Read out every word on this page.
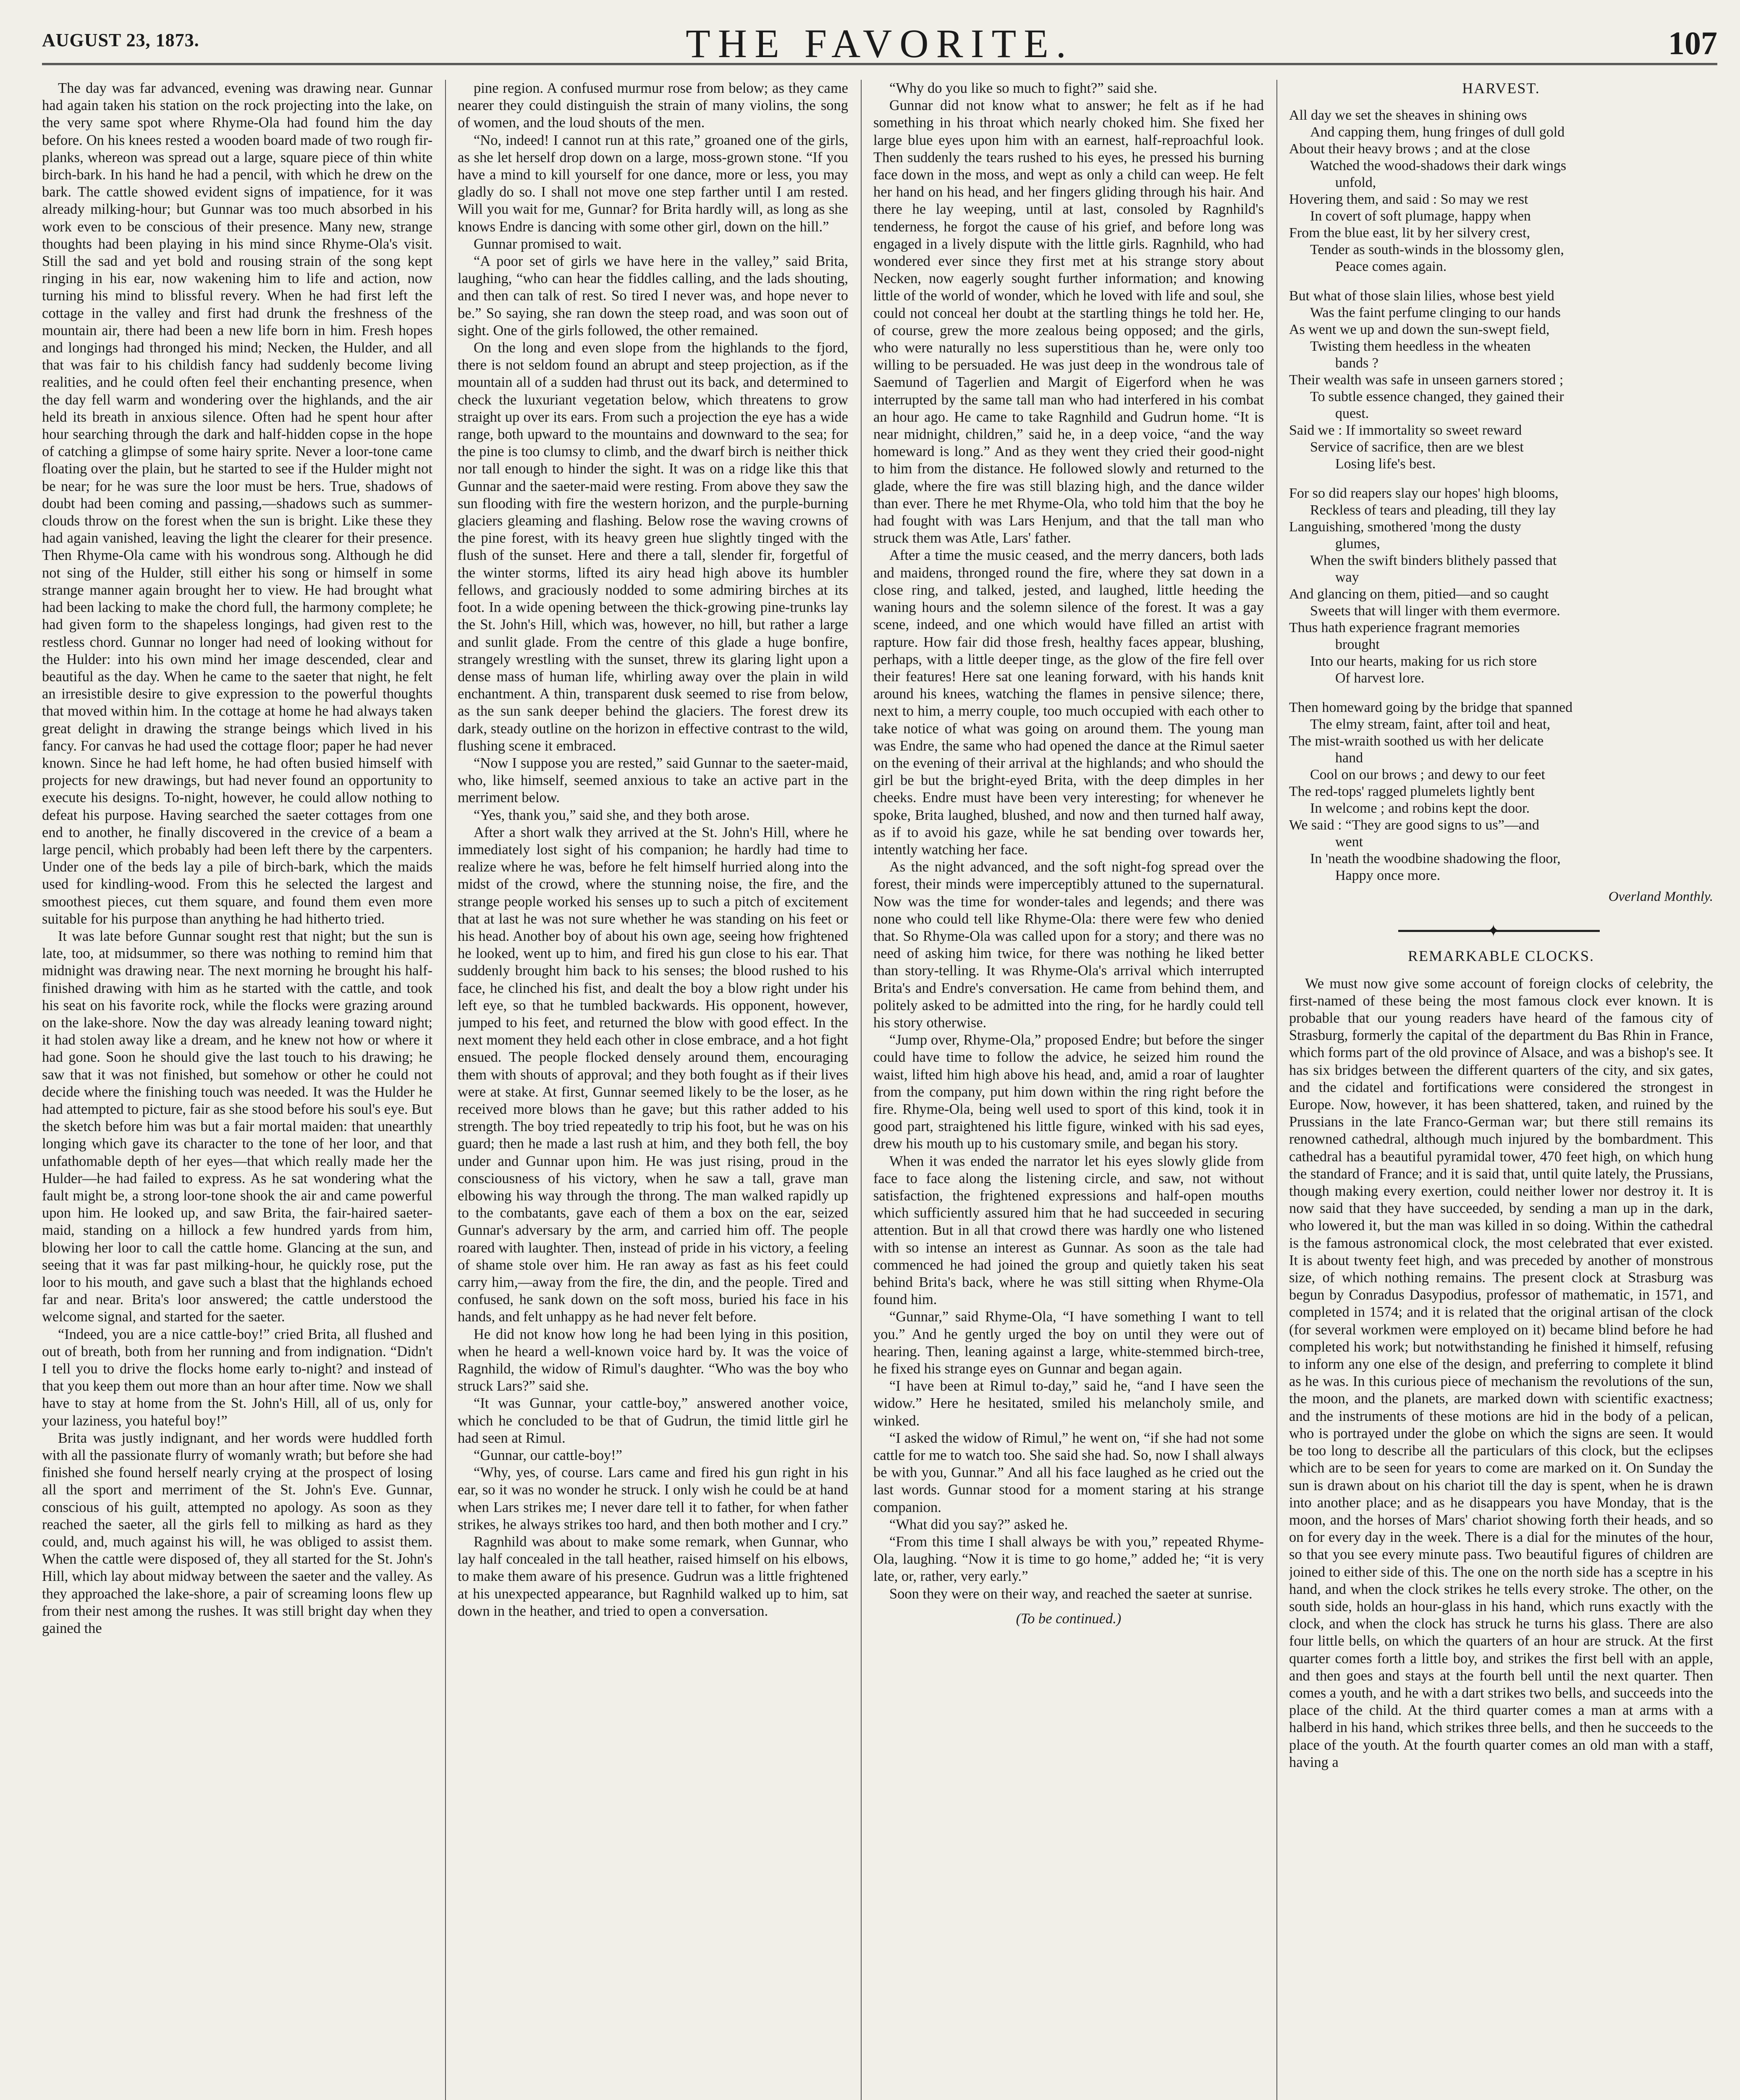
AUGUST 23, 1873.	THE FAVORITE.	107

The day was far advanced, evening was drawing near. Gunnar had again taken his station on the rock projecting into the lake, on the very same spot where Rhyme-Ola had found him the day before. On his knees rested a wooden board made of two rough fir-planks, whereon was spread out a large, square piece of thin white birch-bark. In his hand he had a pencil, with which he drew on the bark. The cattle showed evident signs of impatience, for it was already milking-hour; but Gunnar was too much absorbed in his work even to be conscious of their presence. Many new, strange thoughts had been playing in his mind since Rhyme-Ola's visit. Still the sad and yet bold and rousing strain of the song kept ringing in his ear, now wakening him to life and action, now turning his mind to blissful revery. When he had first left the cottage in the valley and first had drunk the freshness of the mountain air, there had been a new life born in him. Fresh hopes and longings had thronged his mind; Necken, the Hulder, and all that was fair to his childish fancy had suddenly become living realities, and he could often feel their enchanting presence, when the day fell warm and wondering over the highlands, and the air held its breath in anxious silence. Often had he spent hour after hour searching through the dark and half-hidden copse in the hope of catching a glimpse of some hairy sprite. Never a loor-tone came floating over the plain, but he started to see if the Hulder might not be near; for he was sure the loor must be hers. True, shadows of doubt had been coming and passing,—shadows such as summer-clouds throw on the forest when the sun is bright. Like these they had again vanished, leaving the light the clearer for their presence. Then Rhyme-Ola came with his wondrous song. Although he did not sing of the Hulder, still either his song or himself in some strange manner again brought her to view. He had brought what had been lacking to make the chord full, the harmony complete; he had given form to the shapeless longings, had given rest to the restless chord. Gunnar no longer had need of looking without for the Hulder: into his own mind her image descended, clear and beautiful as the day. When he came to the saeter that night, he felt an irresistible desire to give expression to the powerful thoughts that moved within him. In the cottage at home he had always taken great delight in drawing the strange beings which lived in his fancy. For canvas he had used the cottage floor; paper he had never known. Since he had left home, he had often busied himself with projects for new drawings, but had never found an opportunity to execute his designs. To-night, however, he could allow nothing to defeat his purpose. Having searched the saeter cottages from one end to another, he finally discovered in the crevice of a beam a large pencil, which probably had been left there by the carpenters. Under one of the beds lay a pile of birch-bark, which the maids used for kindling-wood. From this he selected the largest and smoothest pieces, cut them square, and found them even more suitable for his purpose than anything he had hitherto tried.

It was late before Gunnar sought rest that night; but the sun is late, too, at midsummer, so there was nothing to remind him that midnight was drawing near. The next morning he brought his half-finished drawing with him as he started with the cattle, and took his seat on his favorite rock, while the flocks were grazing around on the lake-shore. Now the day was already leaning toward night; it had stolen away like a dream, and he knew not how or where it had gone. Soon he should give the last touch to his drawing; he saw that it was not finished, but somehow or other he could not decide where the finishing touch was needed. It was the Hulder he had attempted to picture, fair as she stood before his soul's eye. But the sketch before him was but a fair mortal maiden: that unearthly longing which gave its character to the tone of her loor, and that unfathomable depth of her eyes—that which really made her the Hulder—he had failed to express. As he sat wondering what the fault might be, a strong loor-tone shook the air and came powerful upon him. He looked up, and saw Brita, the fair-haired saeter-maid, standing on a hillock a few hundred yards from him, blowing her loor to call the cattle home. Glancing at the sun, and seeing that it was far past milking-hour, he quickly rose, put the loor to his mouth, and gave such a blast that the highlands echoed far and near. Brita's loor answered; the cattle understood the welcome signal, and started for the saeter.

“Indeed, you are a nice cattle-boy!” cried Brita, all flushed and out of breath, both from her running and from indignation. “Didn't I tell you to drive the flocks home early to-night? and instead of that you keep them out more than an hour after time. Now we shall have to stay at home from the St. John's Hill, all of us, only for your laziness, you hateful boy!”

Brita was justly indignant, and her words were huddled forth with all the passionate flurry of womanly wrath; but before she had finished she found herself nearly crying at the prospect of losing all the sport and merriment of the St. John's Eve. Gunnar, conscious of his guilt, attempted no apology. As soon as they reached the saeter, all the girls fell to milking as hard as they could, and, much against his will, he was obliged to assist them. When the cattle were disposed of, they all started for the St. John's Hill, which lay about midway between the saeter and the valley. As they approached the lake-shore, a pair of screaming loons flew up from their nest among the rushes. It was still bright day when they gained the

pine region. A confused murmur rose from below; as they came nearer they could distinguish the strain of many violins, the song of women, and the loud shouts of the men.

“No, indeed! I cannot run at this rate,” groaned one of the girls, as she let herself drop down on a large, moss-grown stone. “If you have a mind to kill yourself for one dance, more or less, you may gladly do so. I shall not move one step farther until I am rested. Will you wait for me, Gunnar? for Brita hardly will, as long as she knows Endre is dancing with some other girl, down on the hill.”

Gunnar promised to wait.

“A poor set of girls we have here in the valley,” said Brita, laughing, “who can hear the fiddles calling, and the lads shouting, and then can talk of rest. So tired I never was, and hope never to be.” So saying, she ran down the steep road, and was soon out of sight. One of the girls followed, the other remained.

On the long and even slope from the highlands to the fjord, there is not seldom found an abrupt and steep projection, as if the mountain all of a sudden had thrust out its back, and determined to check the luxuriant vegetation below, which threatens to grow straight up over its ears. From such a projection the eye has a wide range, both upward to the mountains and downward to the sea; for the pine is too clumsy to climb, and the dwarf birch is neither thick nor tall enough to hinder the sight. It was on a ridge like this that Gunnar and the saeter-maid were resting. From above they saw the sun flooding with fire the western horizon, and the purple-burning glaciers gleaming and flashing. Below rose the waving crowns of the pine forest, with its heavy green hue slightly tinged with the flush of the sunset. Here and there a tall, slender fir, forgetful of the winter storms, lifted its airy head high above its humbler fellows, and graciously nodded to some admiring birches at its foot. In a wide opening between the thick-growing pine-trunks lay the St. John's Hill, which was, however, no hill, but rather a large and sunlit glade. From the centre of this glade a huge bonfire, strangely wrestling with the sunset, threw its glaring light upon a dense mass of human life, whirling away over the plain in wild enchantment. A thin, transparent dusk seemed to rise from below, as the sun sank deeper behind the glaciers. The forest drew its dark, steady outline on the horizon in effective contrast to the wild, flushing scene it embraced.

“Now I suppose you are rested,” said Gunnar to the saeter-maid, who, like himself, seemed anxious to take an active part in the merriment below.

“Yes, thank you,” said she, and they both arose.

After a short walk they arrived at the St. John's Hill, where he immediately lost sight of his companion; he hardly had time to realize where he was, before he felt himself hurried along into the midst of the crowd, where the stunning noise, the fire, and the strange people worked his senses up to such a pitch of excitement that at last he was not sure whether he was standing on his feet or his head. Another boy of about his own age, seeing how frightened he looked, went up to him, and fired his gun close to his ear. That suddenly brought him back to his senses; the blood rushed to his face, he clinched his fist, and dealt the boy a blow right under his left eye, so that he tumbled backwards. His opponent, however, jumped to his feet, and returned the blow with good effect. In the next moment they held each other in close embrace, and a hot fight ensued. The people flocked densely around them, encouraging them with shouts of approval; and they both fought as if their lives were at stake. At first, Gunnar seemed likely to be the loser, as he received more blows than he gave; but this rather added to his strength. The boy tried repeatedly to trip his foot, but he was on his guard; then he made a last rush at him, and they both fell, the boy under and Gunnar upon him. He was just rising, proud in the consciousness of his victory, when he saw a tall, grave man elbowing his way through the throng. The man walked rapidly up to the combatants, gave each of them a box on the ear, seized Gunnar's adversary by the arm, and carried him off. The people roared with laughter. Then, instead of pride in his victory, a feeling of shame stole over him. He ran away as fast as his feet could carry him,—away from the fire, the din, and the people. Tired and confused, he sank down on the soft moss, buried his face in his hands, and felt unhappy as he had never felt before.

He did not know how long he had been lying in this position, when he heard a well-known voice hard by. It was the voice of Ragnhild, the widow of Rimul's daughter. “Who was the boy who struck Lars?” said she.

“It was Gunnar, your cattle-boy,” answered another voice, which he concluded to be that of Gudrun, the timid little girl he had seen at Rimul.

“Gunnar, our cattle-boy!”

“Why, yes, of course. Lars came and fired his gun right in his ear, so it was no wonder he struck. I only wish he could be at hand when Lars strikes me; I never dare tell it to father, for when father strikes, he always strikes too hard, and then both mother and I cry.”

Ragnhild was about to make some remark, when Gunnar, who lay half concealed in the tall heather, raised himself on his elbows, to make them aware of his presence. Gudrun was a little frightened at his unexpected appearance, but Ragnhild walked up to him, sat down in the heather, and tried to open a conversation.

“Why do you like so much to fight?” said she.

Gunnar did not know what to answer; he felt as if he had something in his throat which nearly choked him. She fixed her large blue eyes upon him with an earnest, half-reproachful look. Then suddenly the tears rushed to his eyes, he pressed his burning face down in the moss, and wept as only a child can weep. He felt her hand on his head, and her fingers gliding through his hair. And there he lay weeping, until at last, consoled by Ragnhild's tenderness, he forgot the cause of his grief, and before long was engaged in a lively dispute with the little girls. Ragnhild, who had wondered ever since they first met at his strange story about Necken, now eagerly sought further information; and knowing little of the world of wonder, which he loved with life and soul, she could not conceal her doubt at the startling things he told her. He, of course, grew the more zealous being opposed; and the girls, who were naturally no less superstitious than he, were only too willing to be persuaded. He was just deep in the wondrous tale of Saemund of Tagerlien and Margit of Eigerford when he was interrupted by the same tall man who had interfered in his combat an hour ago. He came to take Ragnhild and Gudrun home. “It is near midnight, children,” said he, in a deep voice, “and the way homeward is long.” And as they went they cried their good-night to him from the distance. He followed slowly and returned to the glade, where the fire was still blazing high, and the dance wilder than ever. There he met Rhyme-Ola, who told him that the boy he had fought with was Lars Henjum, and that the tall man who struck them was Atle, Lars' father.

After a time the music ceased, and the merry dancers, both lads and maidens, thronged round the fire, where they sat down in a close ring, and talked, jested, and laughed, little heeding the waning hours and the solemn silence of the forest. It was a gay scene, indeed, and one which would have filled an artist with rapture. How fair did those fresh, healthy faces appear, blushing, perhaps, with a little deeper tinge, as the glow of the fire fell over their features! Here sat one leaning forward, with his hands knit around his knees, watching the flames in pensive silence; there, next to him, a merry couple, too much occupied with each other to take notice of what was going on around them. The young man was Endre, the same who had opened the dance at the Rimul saeter on the evening of their arrival at the highlands; and who should the girl be but the bright-eyed Brita, with the deep dimples in her cheeks. Endre must have been very interesting; for whenever he spoke, Brita laughed, blushed, and now and then turned half away, as if to avoid his gaze, while he sat bending over towards her, intently watching her face.

As the night advanced, and the soft night-fog spread over the forest, their minds were imperceptibly attuned to the supernatural. Now was the time for wonder-tales and legends; and there was none who could tell like Rhyme-Ola: there were few who denied that. So Rhyme-Ola was called upon for a story; and there was no need of asking him twice, for there was nothing he liked better than story-telling. It was Rhyme-Ola's arrival which interrupted Brita's and Endre's conversation. He came from behind them, and politely asked to be admitted into the ring, for he hardly could tell his story otherwise.

“Jump over, Rhyme-Ola,” proposed Endre; but before the singer could have time to follow the advice, he seized him round the waist, lifted him high above his head, and, amid a roar of laughter from the company, put him down within the ring right before the fire. Rhyme-Ola, being well used to sport of this kind, took it in good part, straightened his little figure, winked with his sad eyes, drew his mouth up to his customary smile, and began his story.

When it was ended the narrator let his eyes slowly glide from face to face along the listening circle, and saw, not without satisfaction, the frightened expressions and half-open mouths which sufficiently assured him that he had succeeded in securing attention. But in all that crowd there was hardly one who listened with so intense an interest as Gunnar. As soon as the tale had commenced he had joined the group and quietly taken his seat behind Brita's back, where he was still sitting when Rhyme-Ola found him.

“Gunnar,” said Rhyme-Ola, “I have something I want to tell you.” And he gently urged the boy on until they were out of hearing. Then, leaning against a large, white-stemmed birch-tree, he fixed his strange eyes on Gunnar and began again.

“I have been at Rimul to-day,” said he, “and I have seen the widow.” Here he hesitated, smiled his melancholy smile, and winked.

“I asked the widow of Rimul,” he went on, “if she had not some cattle for me to watch too. She said she had. So, now I shall always be with you, Gunnar.” And all his face laughed as he cried out the last words. Gunnar stood for a moment staring at his strange companion.

“What did you say?” asked he.

“From this time I shall always be with you,” repeated Rhyme-Ola, laughing. “Now it is time to go home,” added he; “it is very late, or, rather, very early.”

Soon they were on their way, and reached the saeter at sunrise.

(To be continued.)

HARVEST.
All day we set the sheaves in shining ows
And capping them, hung fringes of dull gold
About their heavy brows ; and at the close
Watched the wood-shadows their dark wings
unfold,
Hovering them, and said : So may we rest
In covert of soft plumage, happy when
From the blue east, lit by her silvery crest,
Tender as south-winds in the blossomy glen,
Peace comes again.
But what of those slain lilies, whose best yield
Was the faint perfume clinging to our hands
As went we up and down the sun-swept field,
Twisting them heedless in the wheaten
bands ?
Their wealth was safe in unseen garners stored ;
To subtle essence changed, they gained their
quest.
Said we : If immortality so sweet reward
Service of sacrifice, then are we blest
Losing life's best.
For so did reapers slay our hopes' high blooms,
Reckless of tears and pleading, till they lay
Languishing, smothered 'mong the dusty
glumes,
When the swift binders blithely passed that
way
And glancing on them, pitied—and so caught
Sweets that will linger with them evermore.
Thus hath experience fragrant memories
brought
Into our hearts, making for us rich store
Of harvest lore.
Then homeward going by the bridge that spanned
The elmy stream, faint, after toil and heat,
The mist-wraith soothed us with her delicate
hand
Cool on our brows ; and dewy to our feet
The red-tops' ragged plumelets lightly bent
In welcome ; and robins kept the door.
We said : “They are good signs to us”—and
went
In 'neath the woodbine shadowing the floor,
Happy once more.
Overland Monthly.
✦
REMARKABLE CLOCKS.

We must now give some account of foreign clocks of celebrity, the first-named of these being the most famous clock ever known. It is probable that our young readers have heard of the famous city of Strasburg, formerly the capital of the department du Bas Rhin in France, which forms part of the old province of Alsace, and was a bishop's see. It has six bridges between the different quarters of the city, and six gates, and the cidatel and fortifications were considered the strongest in Europe. Now, however, it has been shattered, taken, and ruined by the Prussians in the late Franco-German war; but there still remains its renowned cathedral, although much injured by the bombardment. This cathedral has a beautiful pyramidal tower, 470 feet high, on which hung the standard of France; and it is said that, until quite lately, the Prussians, though making every exertion, could neither lower nor destroy it. It is now said that they have succeeded, by sending a man up in the dark, who lowered it, but the man was killed in so doing. Within the cathedral is the famous astronomical clock, the most celebrated that ever existed. It is about twenty feet high, and was preceded by another of monstrous size, of which nothing remains. The present clock at Strasburg was begun by Conradus Dasypodius, professor of mathematic, in 1571, and completed in 1574; and it is related that the original artisan of the clock (for several workmen were employed on it) became blind before he had completed his work; but notwithstanding he finished it himself, refusing to inform any one else of the design, and preferring to complete it blind as he was. In this curious piece of mechanism the revolutions of the sun, the moon, and the planets, are marked down with scientific exactness; and the instruments of these motions are hid in the body of a pelican, who is portrayed under the globe on which the signs are seen. It would be too long to describe all the particulars of this clock, but the eclipses which are to be seen for years to come are marked on it. On Sunday the sun is drawn about on his chariot till the day is spent, when he is drawn into another place; and as he disappears you have Monday, that is the moon, and the horses of Mars' chariot showing forth their heads, and so on for every day in the week. There is a dial for the minutes of the hour, so that you see every minute pass. Two beautiful figures of children are joined to either side of this. The one on the north side has a sceptre in his hand, and when the clock strikes he tells every stroke. The other, on the south side, holds an hour-glass in his hand, which runs exactly with the clock, and when the clock has struck he turns his glass. There are also four little bells, on which the quarters of an hour are struck. At the first quarter comes forth a little boy, and strikes the first bell with an apple, and then goes and stays at the fourth bell until the next quarter. Then comes a youth, and he with a dart strikes two bells, and succeeds into the place of the child. At the third quarter comes a man at arms with a halberd in his hand, which strikes three bells, and then he succeeds to the place of the youth. At the fourth quarter comes an old man with a staff, having a
